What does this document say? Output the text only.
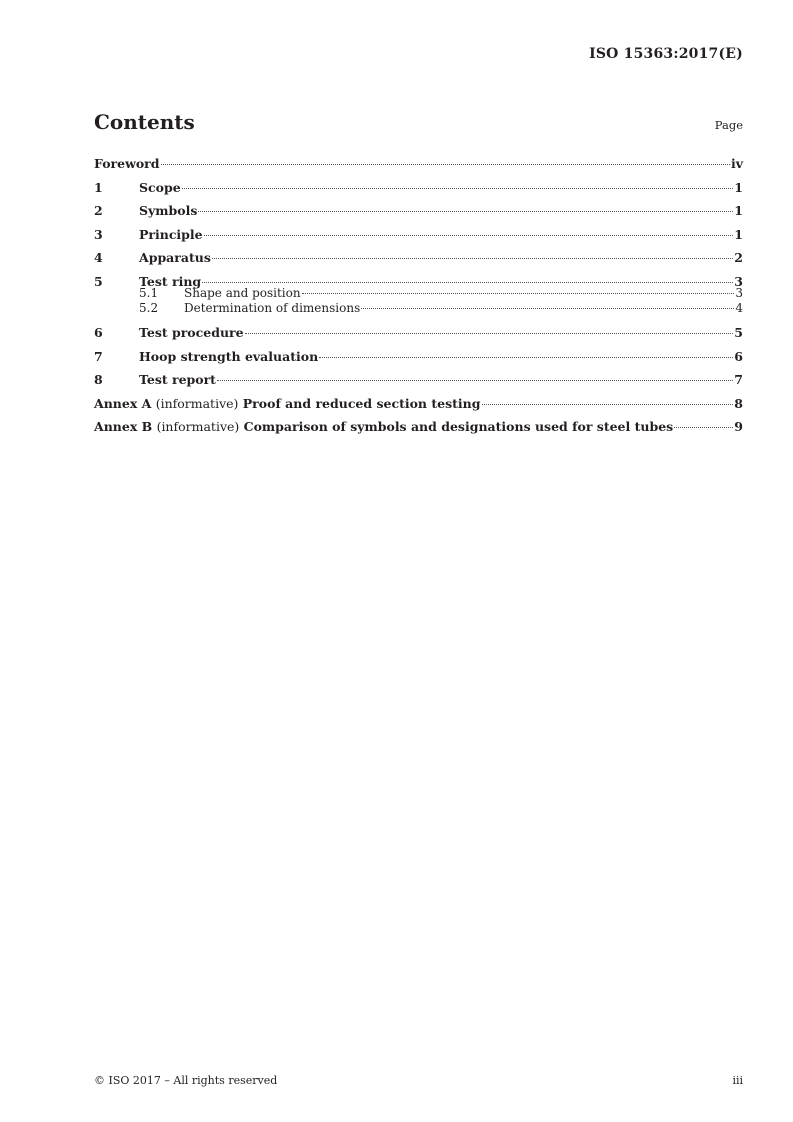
ISO 15363:2017(E)
Contents	Page
Foreword	iv
1	Scope	1
2	Symbols	1
3	Principle	1
4	Apparatus	2
5	Test ring	3
5.1	Shape and position	3
5.2	Determination of dimensions	4
6	Test procedure	5
7	Hoop strength evaluation	6
8	Test report	7
Annex A (informative) Proof and reduced section testing	8
Annex B (informative) Comparison of symbols and designations used for steel tubes	9
© ISO 2017 – All rights reserved	iii
